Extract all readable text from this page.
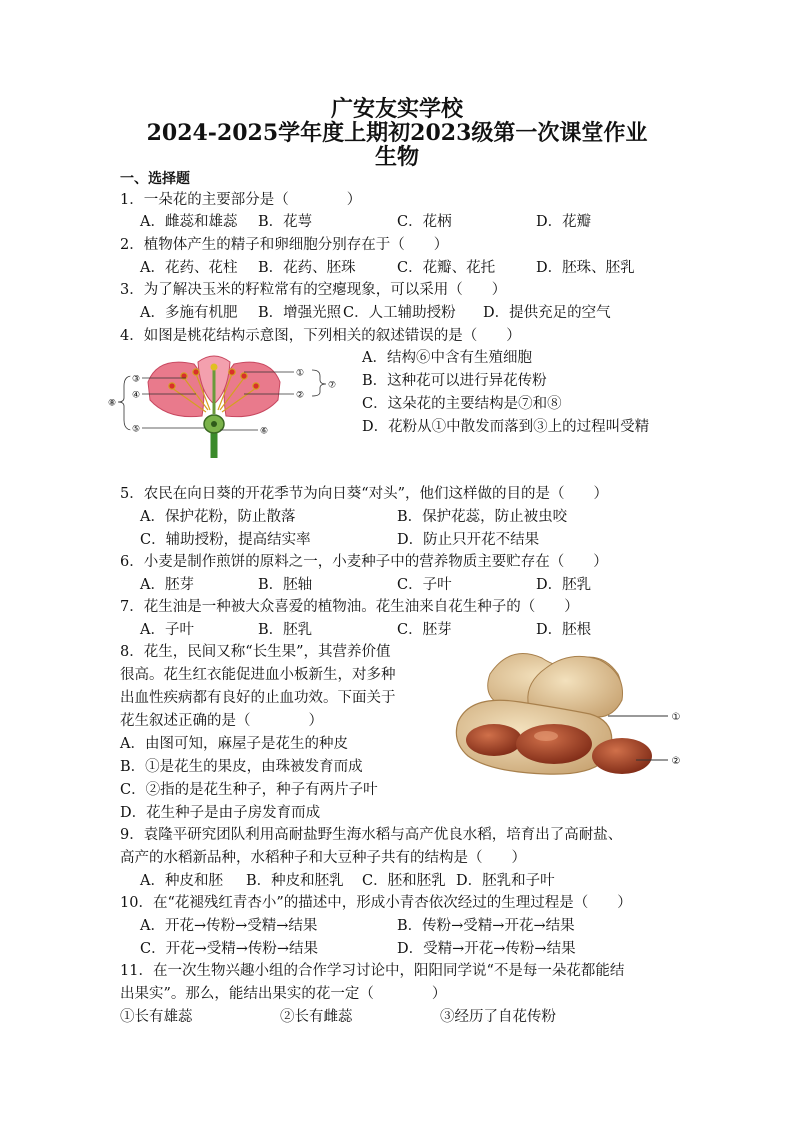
广安友实学校
2024-2025学年度上期初2023级第一次课堂作业
生物
一、选择题
1．一朵花的主要部分是（　　　　）
A．雌蕊和雄蕊 B．花萼	C．花柄	D．花瓣
2．植物体产生的精子和卵细胞分别存在于（　　）
A．花药、花柱 B．花药、胚珠	C．花瓣、花托	D．胚珠、胚乳
3．为了解决玉米的籽粒常有的空瘪现象，可以采用（　　）
A．多施有机肥 B．增强光照 C．人工辅助授粉 D．提供充足的空气
4．如图是桃花结构示意图，下列相关的叙述错误的是（　　）
A．结构⑥中含有生殖细胞
B．这种花可以进行异花传粉
C．这朵花的主要结构是⑦和⑧
D．花粉从①中散发而落到③上的过程叫受精
③
④
⑤
⑧
①
②
⑥
⑦
5．农民在向日葵的开花季节为向日葵“对头”，他们这样做的目的是（　　）
A．保护花粉，防止散落	B．保护花蕊，防止被虫咬
C．辅助授粉，提高结实率	D．防止只开花不结果
6．小麦是制作煎饼的原料之一，小麦种子中的营养物质主要贮存在（　　）
A．胚芽	B．胚轴	C．子叶	D．胚乳
7．花生油是一种被大众喜爱的植物油。花生油来自花生种子的（　　）
A．子叶	B．胚乳	C．胚芽	D．胚根
8．花生，民间又称“长生果”，其营养价值
很高。花生红衣能促进血小板新生，对多种
出血性疾病都有良好的止血功效。下面关于
花生叙述正确的是（　　　　）
A．由图可知，麻屋子是花生的种皮
B．①是花生的果皮，由珠被发育而成
C．②指的是花生种子，种子有两片子叶
D．花生种子是由子房发育而成
①
②
9．袁隆平研究团队利用高耐盐野生海水稻与高产优良水稻，培育出了高耐盐、
高产的水稻新品种，水稻种子和大豆种子共有的结构是（　　）
A．种皮和胚 B．种皮和胚乳 C．胚和胚乳 D．胚乳和子叶
10．在“花褪残红青杏小”的描述中，形成小青杏依次经过的生理过程是（　　）
A．开花→传粉→受精→结果	B．传粉→受精→开花→结果
C．开花→受精→传粉→结果	D．受精→开花→传粉→结果
11．在一次生物兴趣小组的合作学习讨论中，阳阳同学说“不是每一朵花都能结
出果实”。那么，能结出果实的花一定（　　　　）
①长有雄蕊	②长有雌蕊	③经历了自花传粉
